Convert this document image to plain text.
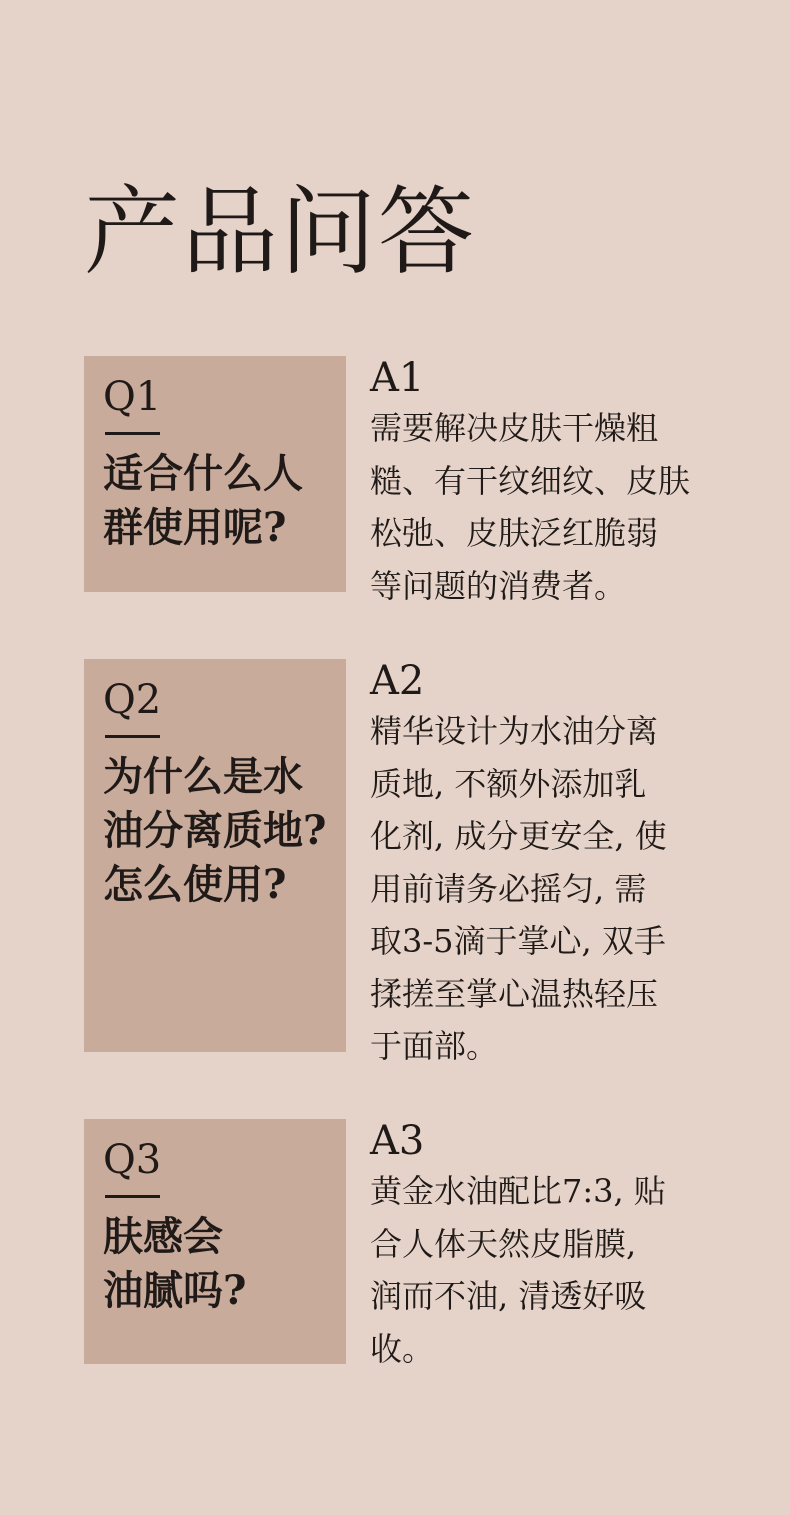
产品问答
Q1
适合什么人
群使用呢?
A1
需要解决皮肤干燥粗
糙、有干纹细纹、皮肤
松弛、皮肤泛红脆弱
等问题的消费者。
Q2
为什么是水
油分离质地?
怎么使用?
A2
精华设计为水油分离
质地, 不额外添加乳
化剂, 成分更安全, 使
用前请务必摇匀, 需
取3-5滴于掌心, 双手
揉搓至掌心温热轻压
于面部。
Q3
肤感会
油腻吗?
A3
黄金水油配比7:3, 贴
合人体天然皮脂膜,
润而不油, 清透好吸
收。
